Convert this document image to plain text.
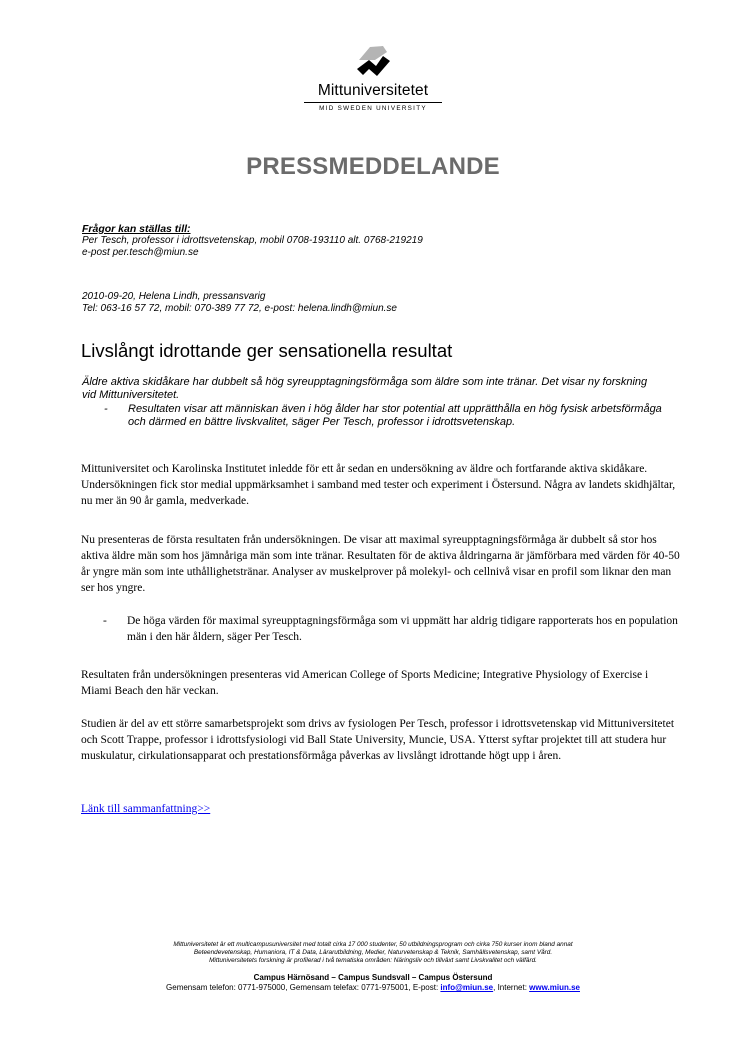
Mittuniversitetet
MID SWEDEN UNIVERSITY
PRESSMEDDELANDE
Frågor kan ställas till:
Per Tesch, professor i idrottsvetenskap, mobil 0708-193110 alt. 0768-219219
e-post per.tesch@miun.se
2010-09-20, Helena Lindh, pressansvarig
Tel: 063-16 57 72, mobil: 070-389 77 72, e-post: helena.lindh@miun.se
Livslångt idrottande ger sensationella resultat

Äldre aktiva skidåkare har dubbelt så hög syreupptagningsförmåga som äldre som inte tränar. Det visar ny forskning vid Mittuniversitetet.

- Resultaten visar att människan även i hög ålder har stor potential att upprätthålla en hög fysisk arbetsförmåga och därmed en bättre livskvalitet, säger Per Tesch, professor i idrottsvetenskap.

Mittuniversitet och Karolinska Institutet inledde för ett år sedan en undersökning av äldre och fortfarande aktiva skidåkare. Undersökningen fick stor medial uppmärksamhet i samband med tester och experiment i Östersund. Några av landets skidhjältar, nu mer än 90 år gamla, medverkade.

Nu presenteras de första resultaten från undersökningen. De visar att maximal syreupptagningsförmåga är dubbelt så stor hos aktiva äldre män som hos jämnåriga män som inte tränar. Resultaten för de aktiva åldringarna är jämförbara med värden för 40-50 år yngre män som inte uthållighetstränar. Analyser av muskelprover på molekyl- och cellnivå visar en profil som liknar den man ser hos yngre.

- De höga värden för maximal syreupptagningsförmåga som vi uppmätt har aldrig tidigare rapporterats hos en population män i den här åldern, säger Per Tesch.

Resultaten från undersökningen presenteras vid American College of Sports Medicine; Integrative Physiology of Exercise i Miami Beach den här veckan.

Studien är del av ett större samarbetsprojekt som drivs av fysiologen Per Tesch, professor i idrottsvetenskap vid Mittuniversitetet och Scott Trappe, professor i idrottsfysiologi vid Ball State University, Muncie, USA. Ytterst syftar projektet till att studera hur muskulatur, cirkulationsapparat och prestationsförmåga påverkas av livslångt idrottande högt upp i åren.

Länk till sammanfattning>>
Mittuniversitetet är ett multicampusuniversitet med totalt cirka 17 000 studenter, 50 utbildningsprogram och cirka 750 kurser inom bland annat
Beteendevetenskap, Humaniora, IT & Data, Lärarutbildning, Medier, Naturvetenskap & Teknik, Samhällsvetenskap, samt Vård.
Mittuniversitetets forskning är profilerad i två tematiska områden: Näringsliv och tillväxt samt Livskvalitet och välfärd.
Campus Härnösand – Campus Sundsvall – Campus Östersund
Gemensam telefon: 0771-975000, Gemensam telefax: 0771-975001, E-post: info@miun.se, Internet: www.miun.se
